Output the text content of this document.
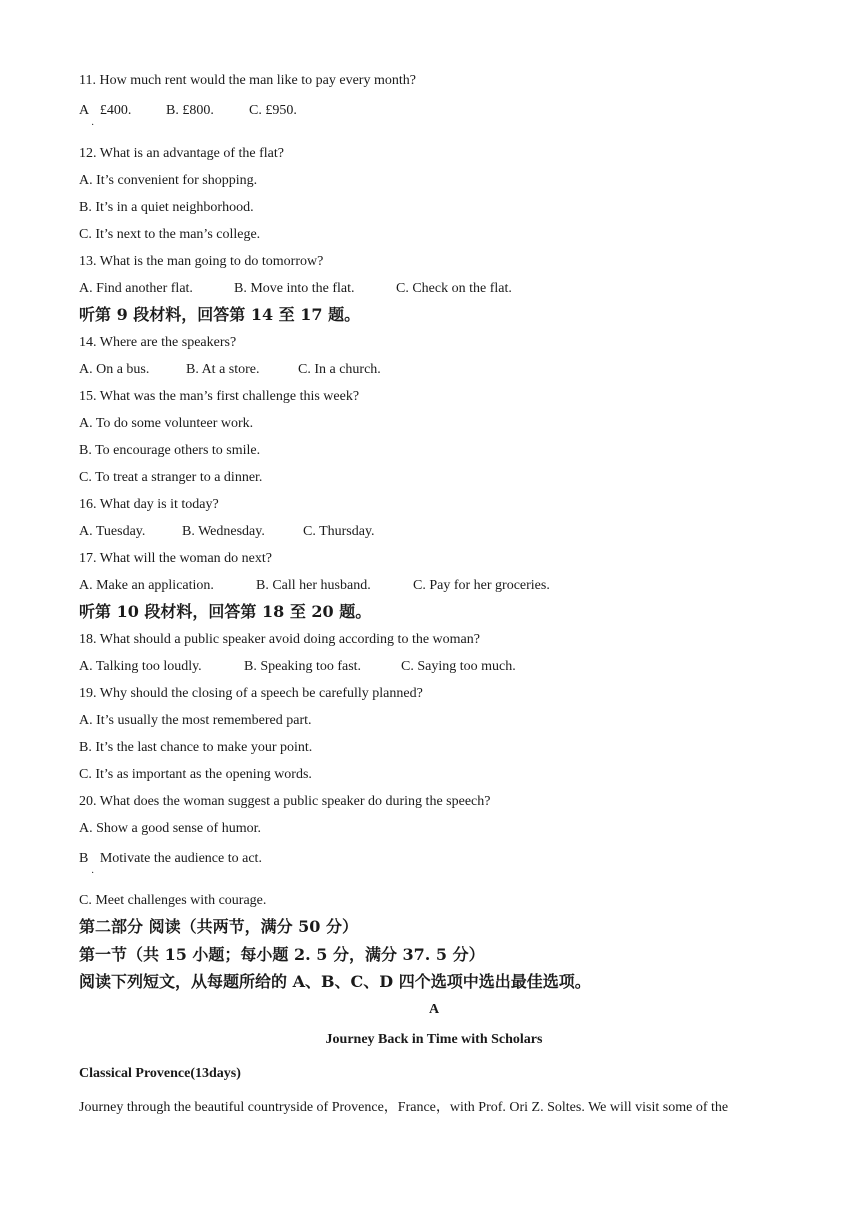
11. How much rent would the man like to pay every month?
A £400. B. £800.	C. £950.
·
12. What is an advantage of the flat?
A. It’s convenient for shopping.
B. It’s in a quiet neighborhood.
C. It’s next to the man’s college.
13. What is the man going to do tomorrow?
A. Find another flat.	B. Move into the flat.	C. Check on the flat.
听第 9 段材料，回答第 14 至 17 题。
14. Where are the speakers?
A. On a bus.	B. At a store.	C. In a church.
15. What was the man’s first challenge this week?
A. To do some volunteer work.
B. To encourage others to smile.
C. To treat a stranger to a dinner.
16. What day is it today?
A. Tuesday.	B. Wednesday.	C. Thursday.
17. What will the woman do next?
A. Make an application.	B. Call her husband.	C. Pay for her groceries.
听第 10 段材料，回答第 18 至 20 题。
18. What should a public speaker avoid doing according to the woman?
A. Talking too loudly.	B. Speaking too fast.	C. Saying too much.
19. Why should the closing of a speech be carefully planned?
A. It’s usually the most remembered part.
B. It’s the last chance to make your point.
C. It’s as important as the opening words.
20. What does the woman suggest a public speaker do during the speech?
A. Show a good sense of humor.
B Motivate the audience to act.
·
C. Meet challenges with courage.
第二部分 阅读（共两节，满分 50 分）
第一节（共 15 小题；每小题 2. 5 分，满分 37. 5 分）
阅读下列短文，从每题所给的 A、B、C、D 四个选项中选出最佳选项。
A
Journey Back in Time with Scholars
Classical Provence(13days)
Journey through the beautiful countryside of Provence，France，with Prof. Ori Z. Soltes. We will visit some of the
